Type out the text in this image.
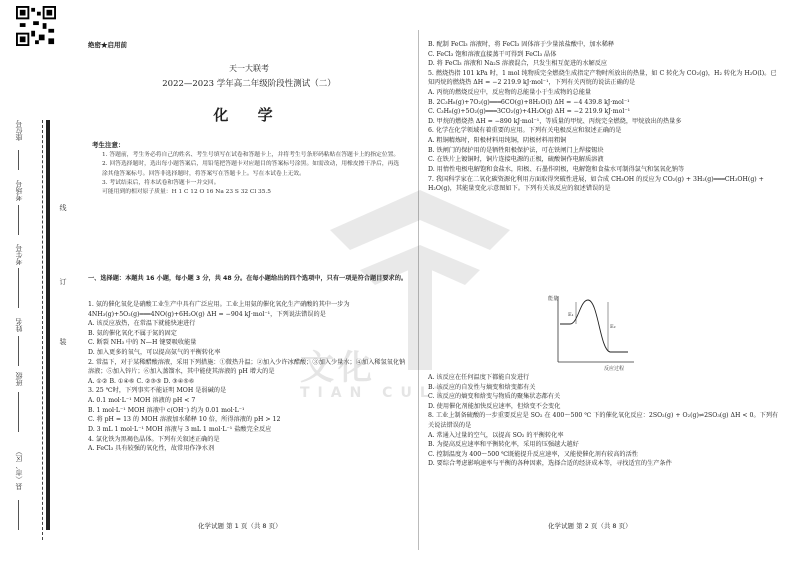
座位号
考场号
考生号
姓名
班级
县（市、区）
线
订
装
绝密★启用前
天一大联考
2022—2023 学年高二年级阶段性测试（二）
化 学
考生注意：

1. 答题前，考生务必将自己的姓名、考生号填写在试卷和答题卡上，并将考生号条形码粘贴在答题卡上的指定位置。

2. 回答选择题时，选出每小题答案后，用铅笔把答题卡对应题目的答案标号涂黑。如需改动，用橡皮擦干净后，再选涂其他答案标号。回答非选择题时，将答案写在答题卡上。写在本试卷上无效。

3. 考试结束后，将本试卷和答题卡一并交回。

可能用到的相对原子质量：H 1 C 12 O 16 Na 23 S 32 Cl 35.5

一、选择题：本题共 16 小题，每小题 3 分，共 48 分。在每小题给出的四个选项中，只有一项是符合题目要求的。

1. 氨的催化氧化是硝酸工业生产中具有广泛应用。工业上用氨的催化氧化生产硝酸的其中一步为 4NH₃(g)+5O₂(g)═══4NO(g)+6H₂O(g) ΔH = −904 kJ·mol⁻¹，下列说法错误的是

A. 该反应放热，在常温下就能快速进行

B. 氨的催化氧化不属于氮的固定

C. 断裂 NH₃ 中的 N—H 键要吸收能量

D. 加入更多的氧气，可以提高氨气的平衡转化率

2. 常温下，对于某稀醋酸溶液，采用下列措施：①微热升温；②加入少许冰醋酸；③加入少量水；④加入稀氢氧化钠溶液；⑤加入锌片；⑥加入蒸馏水，其中能使其溶液的 pH 增大的是

A. ①② B. ①④⑥ C. ②③⑤ D. ③④⑤⑥

3. 25 ℃时，下列事实不能证明 MOH 是弱碱的是

A. 0.1 mol·L⁻¹ MOH 溶液的 pH < 7

B. 1 mol·L⁻¹ MOH 溶液中 c(OH⁻) 约为 0.01 mol·L⁻¹

C. 将 pH = 13 的 MOH 溶液加水稀释 10 倍，所得溶液的 pH > 12

D. 3 mL 1 mol·L⁻¹ MOH 溶液与 3 mL 1 mol·L⁻¹ 盐酸完全反应

4. 氯化铁为黑褐色晶体。下列有关叙述正确的是

A. FeCl₃ 具有较强的氧化性，故常用作净水剂

化学试题 第 1 页（共 8 页）

B. 配制 FeCl₃ 溶液时，将 FeCl₃ 固体溶于少量浓盐酸中，加水稀释

C. FeCl₃ 饱和溶液直接蒸干可得到 FeCl₃ 晶体

D. 将 FeCl₃ 溶液和 Na₂S 溶液混合，只发生相互促进的水解反应

5. 燃烧热指 101 kPa 时，1 mol 纯物质完全燃烧生成指定产物时所放出的热量，如 C 转化为 CO₂(g)，H₂ 转化为 H₂O(l)。已知丙烷的燃烧热 ΔH = −2 219.9 kJ·mol⁻¹，下列有关丙烷的说法正确的是

A. 丙烷的燃烧反应中，反应物的总能量小于生成物的总能量

B. 2C₃H₈(g)+7O₂(g)═══6CO(g)+8H₂O(l) ΔH = −4 439.8 kJ·mol⁻¹

C. C₃H₈(g)+5O₂(g)═══3CO₂(g)+4H₂O(g) ΔH = −2 219.9 kJ·mol⁻¹

D. 甲烷的燃烧热 ΔH = −890 kJ·mol⁻¹，等质量的甲烷、丙烷完全燃烧，甲烷放出的热量多

6. 化学在化学领域有着重要的应用。下列有关电极反应和叙述正确的是

A. 粗铜精炼时，阳极材料用纯铜，阴极材料用粗铜

B. 铁闸门的保护用的是牺牲阳极保护法，可在铁闸门上焊接锡块

C. 在铁片上镀铜时，铜片连接电源的正极，硫酸铜作电解质溶液

D. 用惰性电极电解饱和食盐水，阳极、石墨作阴极，电解饱和食盐水可制得氯气和氢氧化钠等

7. 我国科学家在二氧化碳资源化利用方面取得突破性进展，如合成 CH₃OH 的反应为 CO₂(g) + 3H₂(g)═══CH₃OH(g) + H₂O(g)，其能量变化示意图如下。下列有关该反应的叙述错误的是

A. 该反应在任何温度下都能自发进行

B. 该反应的自发性与熵变和焓变都有关

C. 该反应的熵变和焓变与物质的聚集状态都有关

D. 使用催化剂能加快反应速率，但焓变不会变化

8. 工业上制备硫酸的一步重要反应是 SO₂ 在 400～500 ℃ 下的催化氧化反应：2SO₂(g) + O₂(g)⇌2SO₃(g) ΔH < 0。下列有关说法错误的是

A. 常通入过量的空气，以提高 SO₂ 的平衡转化率

B. 为提高反应速率和平衡转化率，采用的压强越大越好

C. 控制温度为 400～500 ℃既能提升反应速率，又能使催化剂有较高的活性

D. 要综合考虑影响速率与平衡的各种因素，选择合适的经济成本等，寻找适宜的生产条件

化学试题 第 2 页（共 8 页）
能量
反应过程
E₁
E₂
文化
TIAN CULT
